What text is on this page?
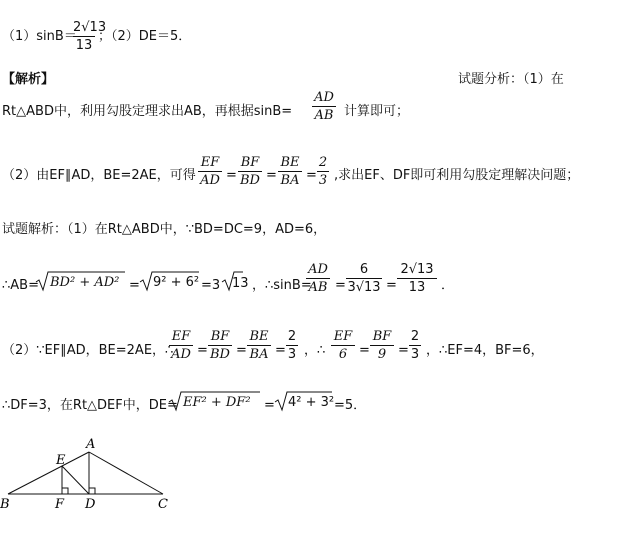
（1）sinB＝
2√13
13
；（2）DE＝5．
【解析】	试题分析：（1）在
Rt△ABD中，利用勾股定理求出AB，再根据sinB=
AD
AB 计算即可；
（2）由EF∥AD，BE=2AE，可得
EF
AD =
BF
BD =
BE
BA =
2
3 ,求出EF、DF即可利用勾股定理解决问题；
试题解析：（1）在Rt△ABD中，∵BD=DC=9，AD=6，
∴AB= BD² + AD² = 9² + 6² =3 13 ，∴sinB=
AD
AB =
6
3√13 =
2√13
13	．
（2）∵EF∥AD，BE=2AE，∴
EF
AD =
BF
BD =
BE
BA =
2
3 ，∴
EF
6 =
BF
9 =
2
3 ，∴EF=4，BF=6，
∴DF=3，在Rt△DEF中，DE= EF² + DF² = 4² + 3² =5．
A
B	C
D
E
F
